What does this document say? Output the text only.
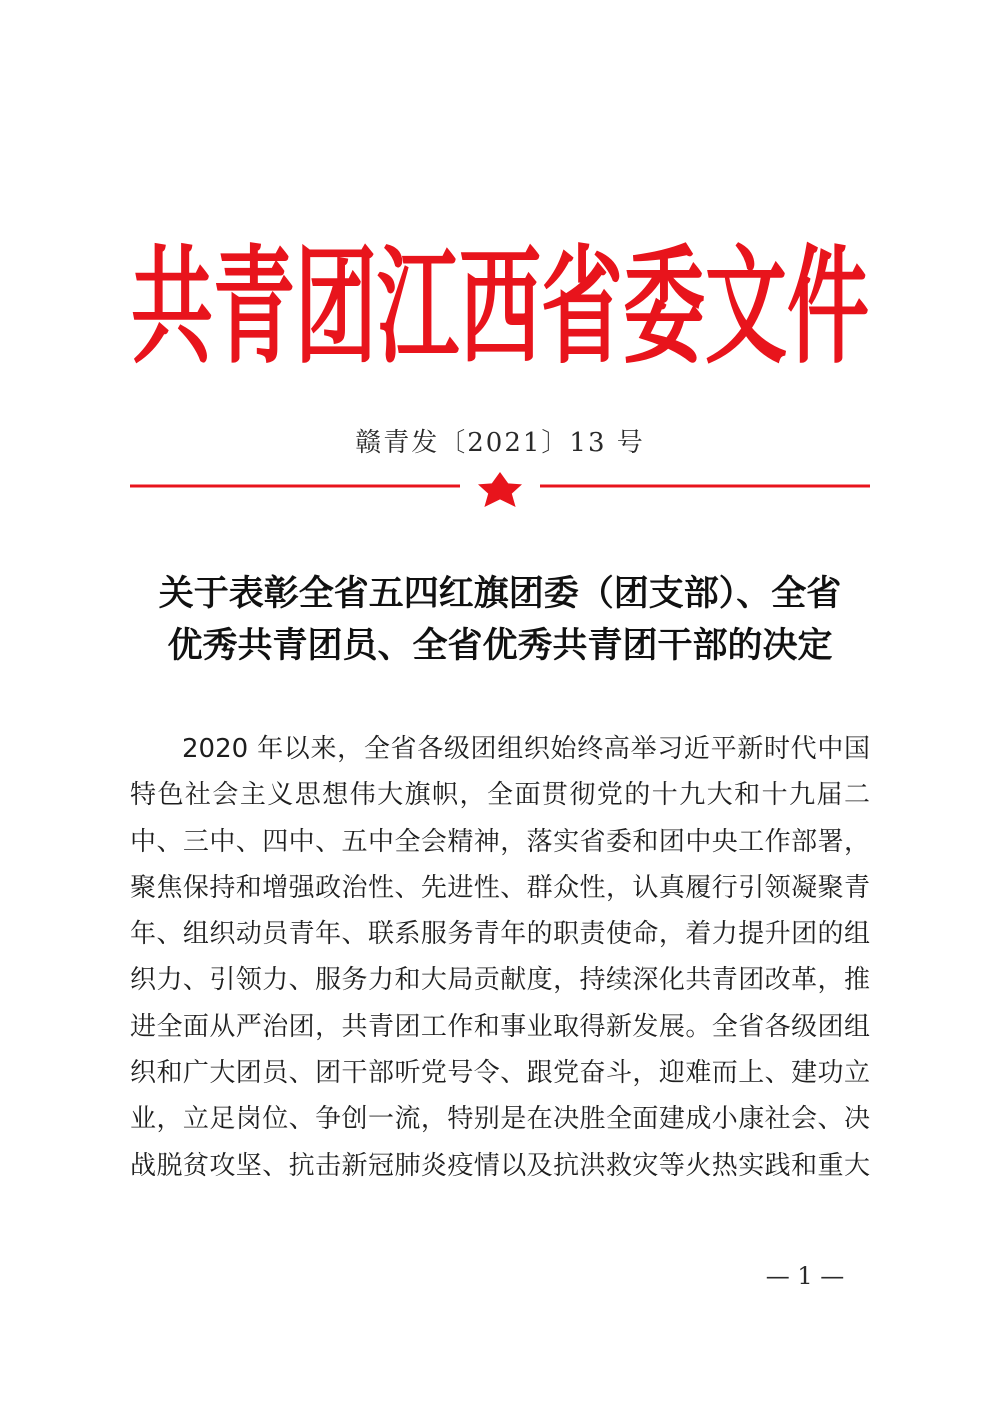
共青团江西省委文件
赣青发〔2021〕13 号
关于表彰全省五四红旗团委（团支部）、全省
优秀共青团员、全省优秀共青团干部的决定
2020 年以来，全省各级团组织始终高举习近平新时代中国
特色社会主义思想伟大旗帜，全面贯彻党的十九大和十九届二
中、三中、四中、五中全会精神，落实省委和团中央工作部署，
聚焦保持和增强政治性、先进性、群众性，认真履行引领凝聚青
年、组织动员青年、联系服务青年的职责使命，着力提升团的组
织力、引领力、服务力和大局贡献度，持续深化共青团改革，推
进全面从严治团，共青团工作和事业取得新发展。全省各级团组
织和广大团员、团干部听党号令、跟党奋斗，迎难而上、建功立
业，立足岗位、争创一流，特别是在决胜全面建成小康社会、决
战脱贫攻坚、抗击新冠肺炎疫情以及抗洪救灾等火热实践和重大
— 1 —
